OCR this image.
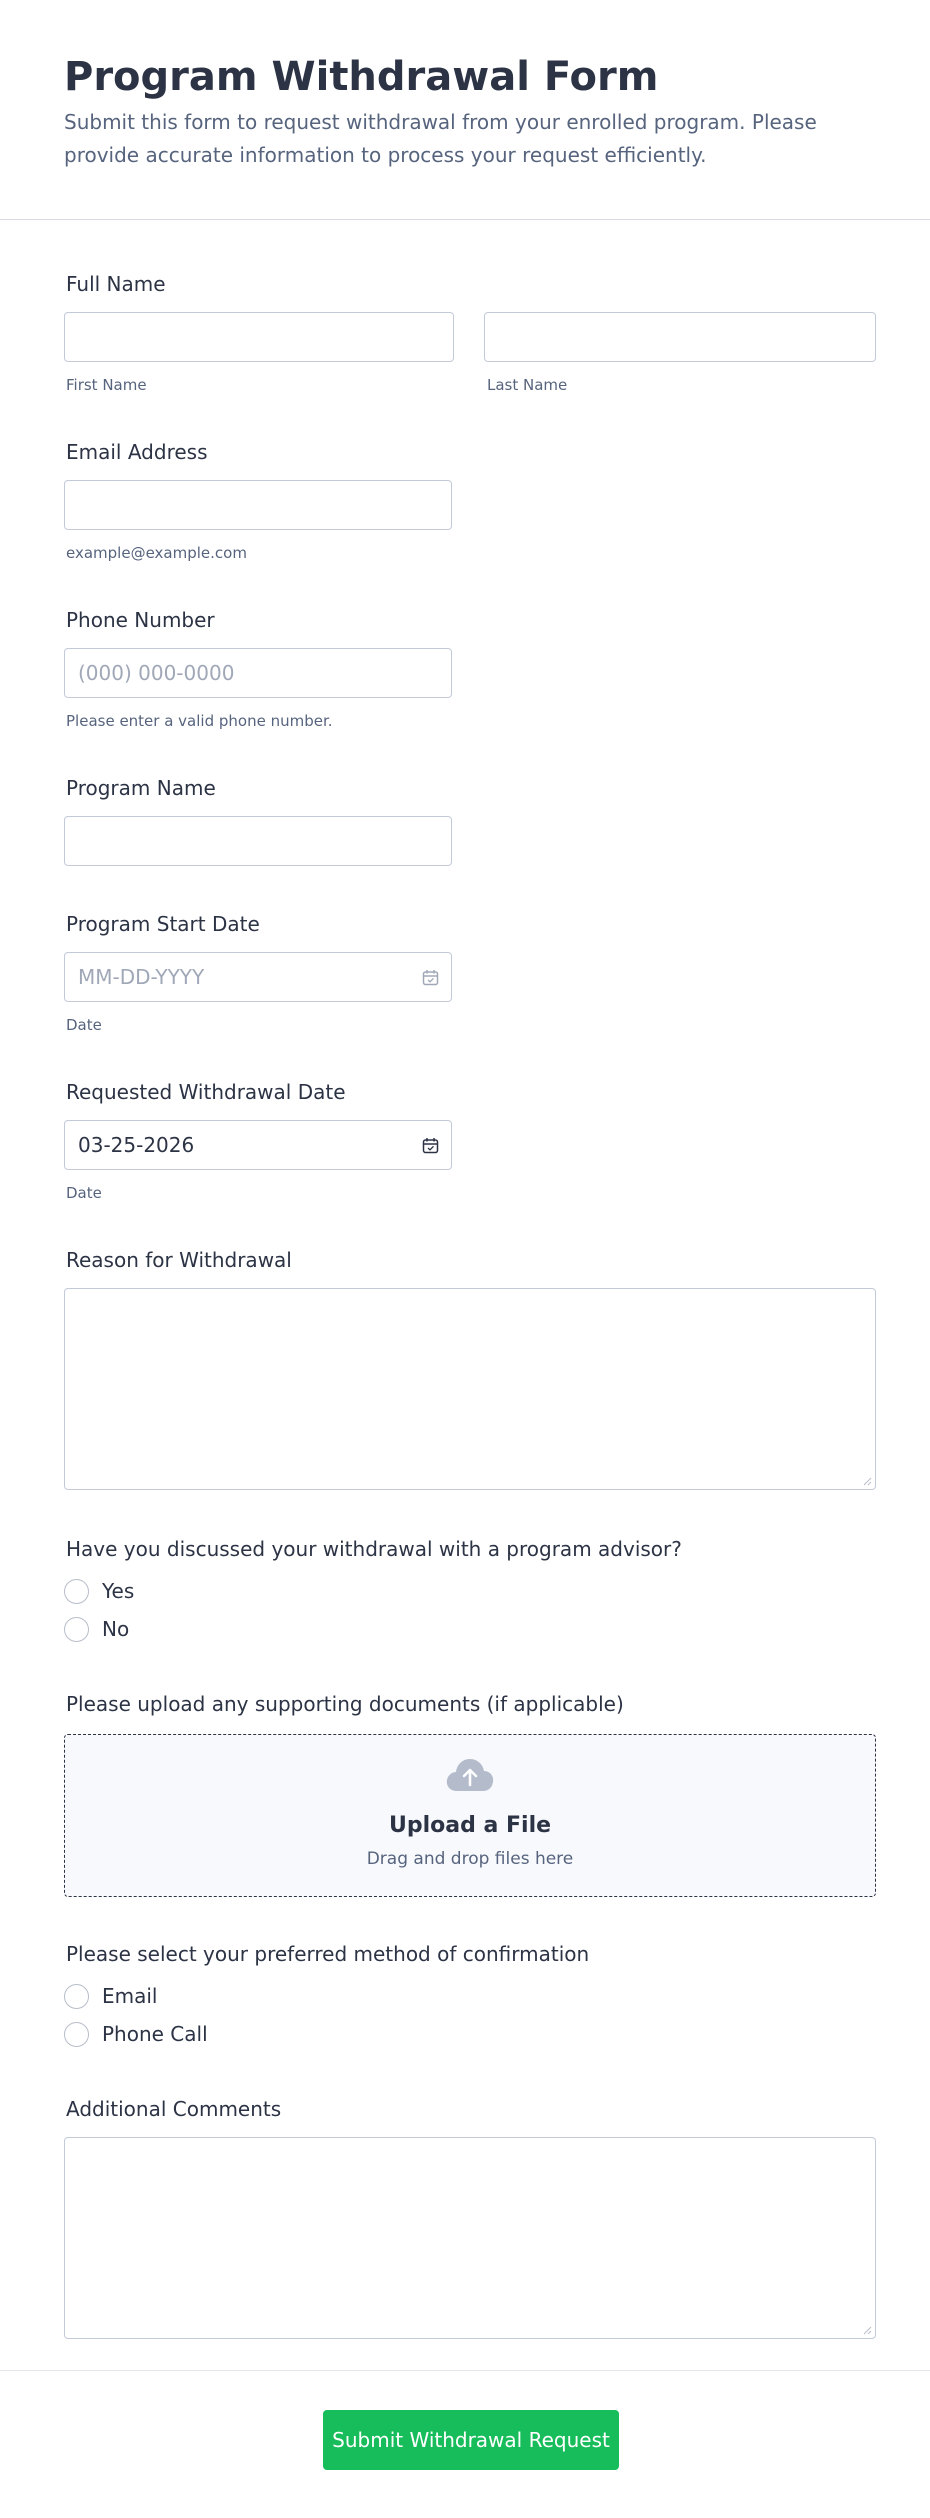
Program Withdrawal Form

Submit this form to request withdrawal from your enrolled program. Please provide accurate information to process your request efficiently.

Full Name
First Name	Last Name
Email Address
example@example.com
Phone Number
(000) 000-0000
Please enter a valid phone number.
Program Name
Program Start Date
MM-DD-YYYY
Date
Requested Withdrawal Date
03-25-2026
Date
Reason for Withdrawal
Have you discussed your withdrawal with a program advisor?
Yes
No
Please upload any supporting documents (if applicable)
Upload a File
Drag and drop files here
Please select your preferred method of confirmation
Email
Phone Call
Additional Comments
Submit Withdrawal Request
